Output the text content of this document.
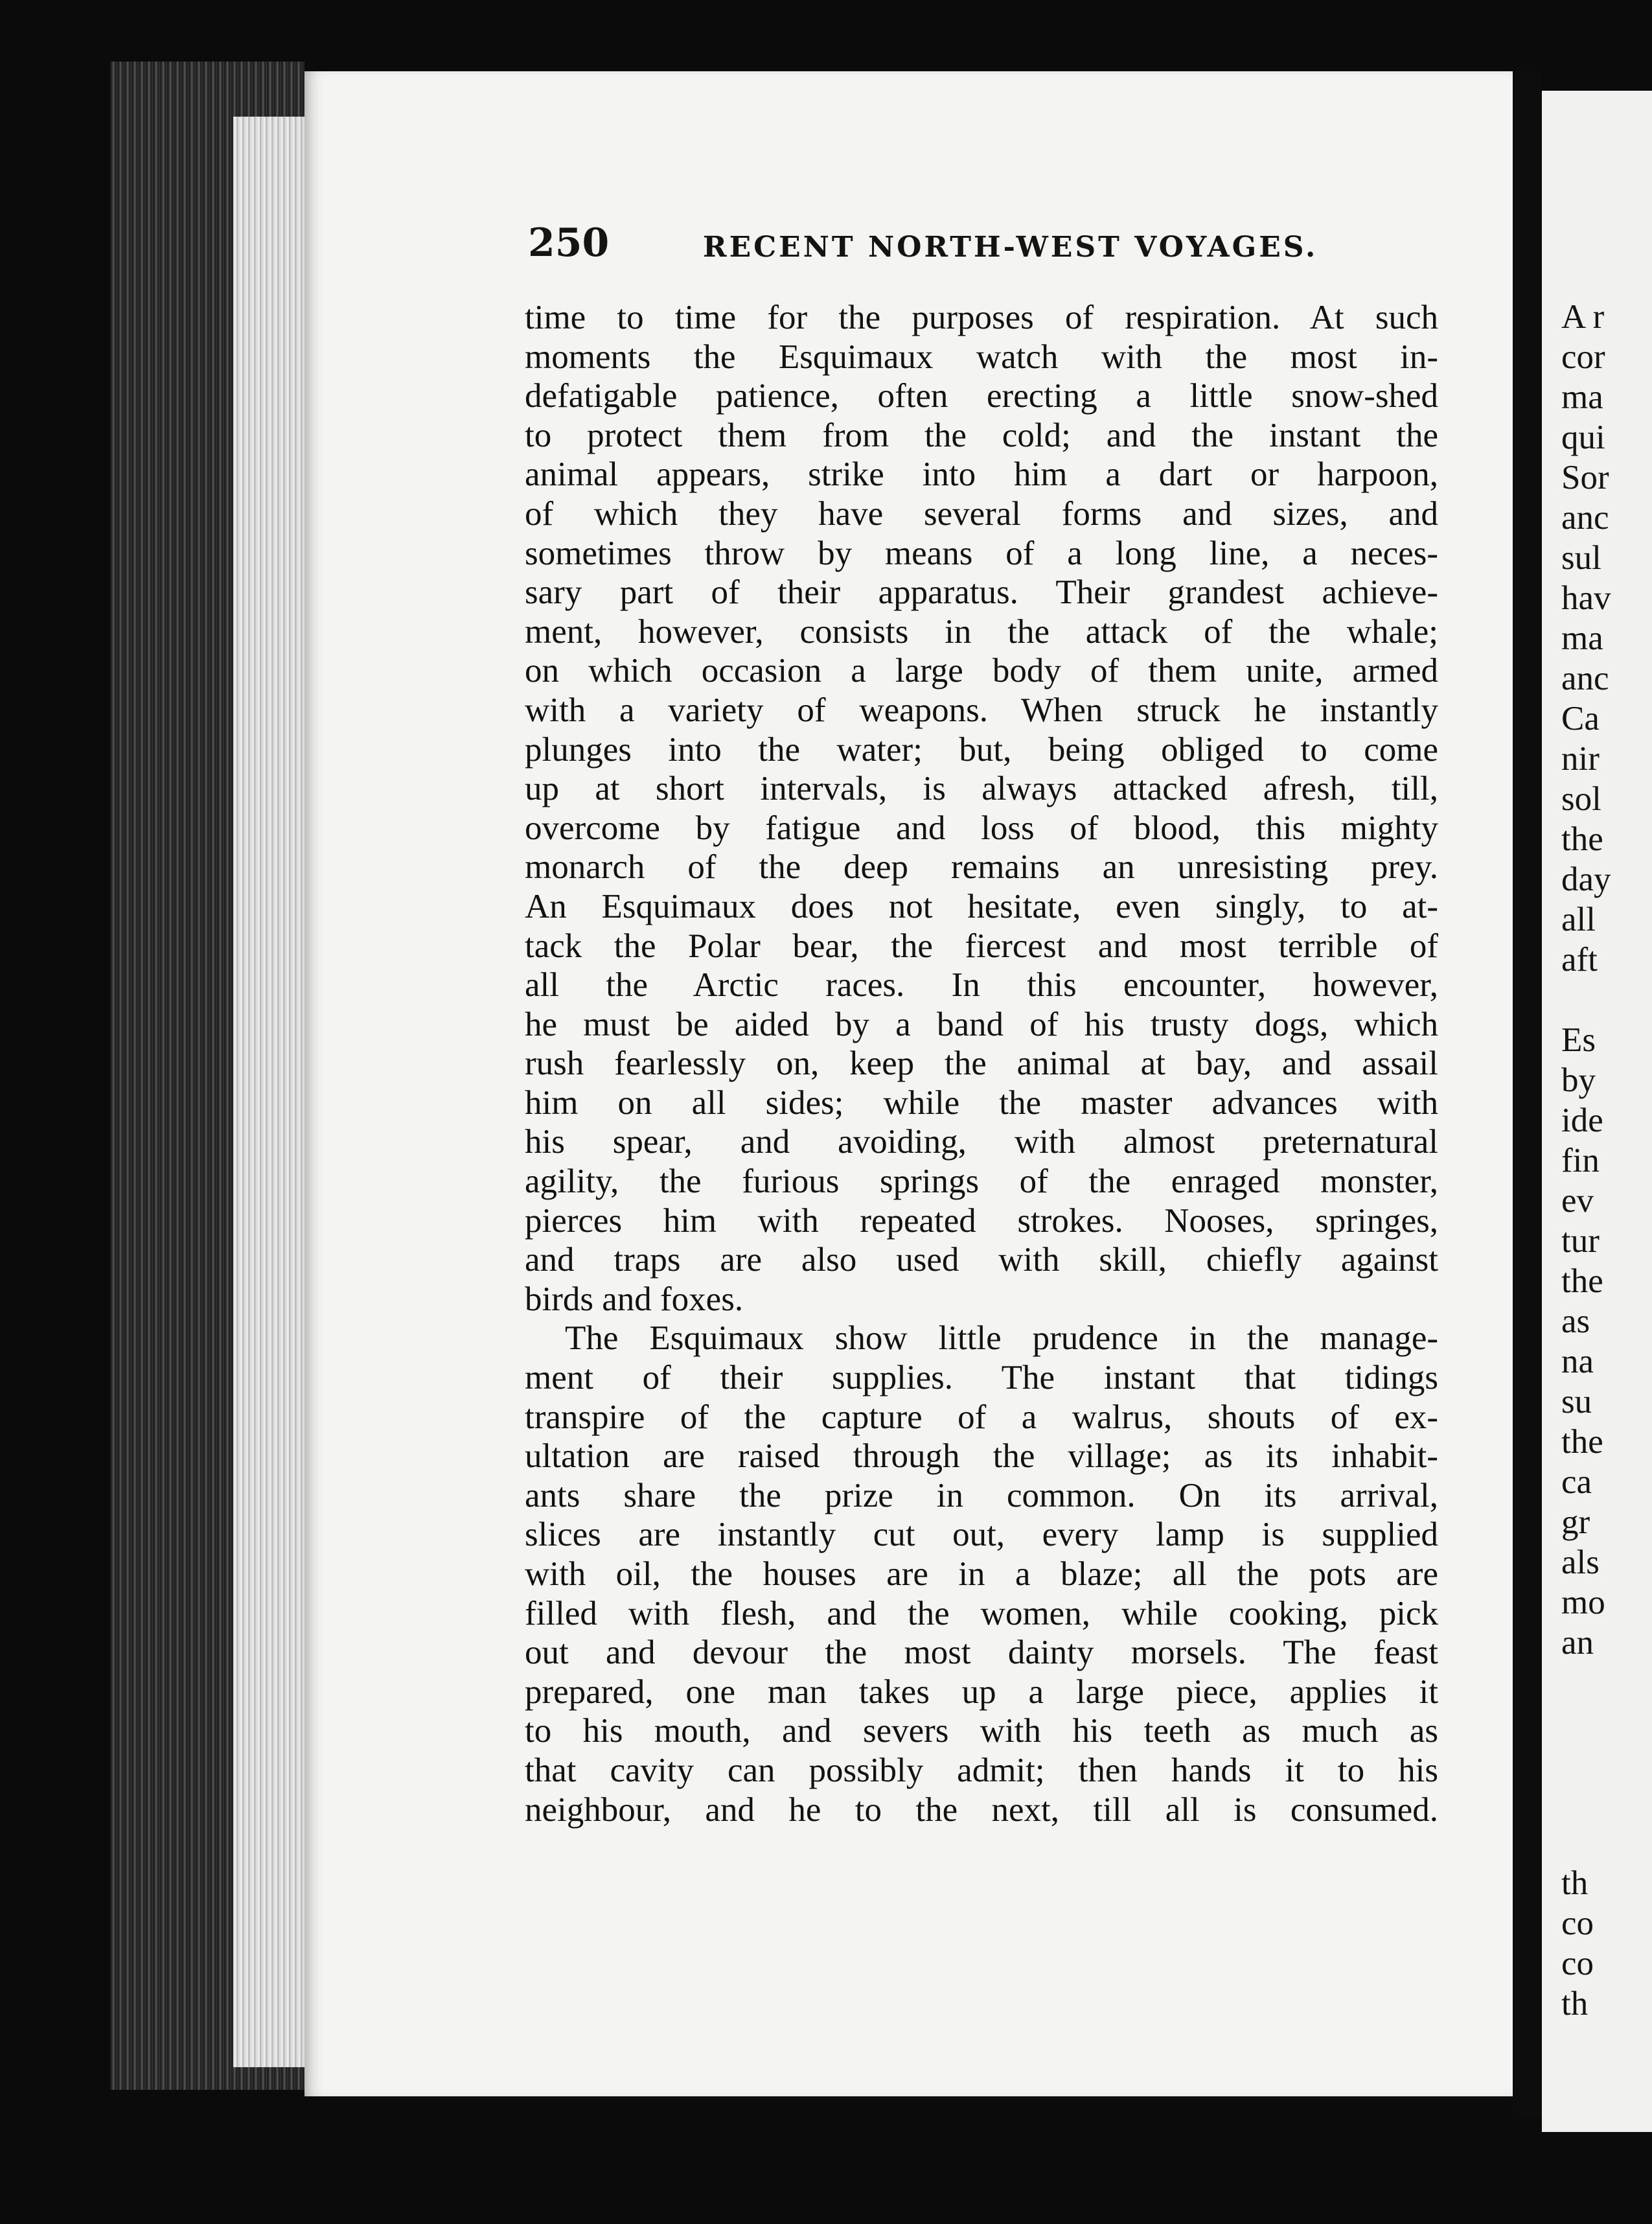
250	RECENT NORTH-WEST VOYAGES.
time to time for the purposes of respiration. At such
moments the Esquimaux watch with the most in-
defatigable patience, often erecting a little snow-shed
to protect them from the cold; and the instant the
animal appears, strike into him a dart or harpoon,
of which they have several forms and sizes, and
sometimes throw by means of a long line, a neces-
sary part of their apparatus. Their grandest achieve-
ment, however, consists in the attack of the whale;
on which occasion a large body of them unite, armed
with a variety of weapons. When struck he instantly
plunges into the water; but, being obliged to come
up at short intervals, is always attacked afresh, till,
overcome by fatigue and loss of blood, this mighty
monarch of the deep remains an unresisting prey.
An Esquimaux does not hesitate, even singly, to at-
tack the Polar bear, the fiercest and most terrible of
all the Arctic races. In this encounter, however,
he must be aided by a band of his trusty dogs, which
rush fearlessly on, keep the animal at bay, and assail
him on all sides; while the master advances with
his spear, and avoiding, with almost preternatural
agility, the furious springs of the enraged monster,
pierces him with repeated strokes. Nooses, springes,
and traps are also used with skill, chiefly against
birds and foxes.
The Esquimaux show little prudence in the manage-
ment of their supplies. The instant that tidings
transpire of the capture of a walrus, shouts of ex-
ultation are raised through the village; as its inhabit-
ants share the prize in common. On its arrival,
slices are instantly cut out, every lamp is supplied
with oil, the houses are in a blaze; all the pots are
filled with flesh, and the women, while cooking, pick
out and devour the most dainty morsels. The feast
prepared, one man takes up a large piece, applies it
to his mouth, and severs with his teeth as much as
that cavity can possibly admit; then hands it to his
neighbour, and he to the next, till all is consumed.
A r
cor
ma
qui
Sor
anc
sul
hav
ma
anc
Ca
nir
sol
the
day
all
aft
Es
by
ide
fin
ev
tur
the
as
na
su
the
ca
gr
als
mo
an
th
co
co
th
